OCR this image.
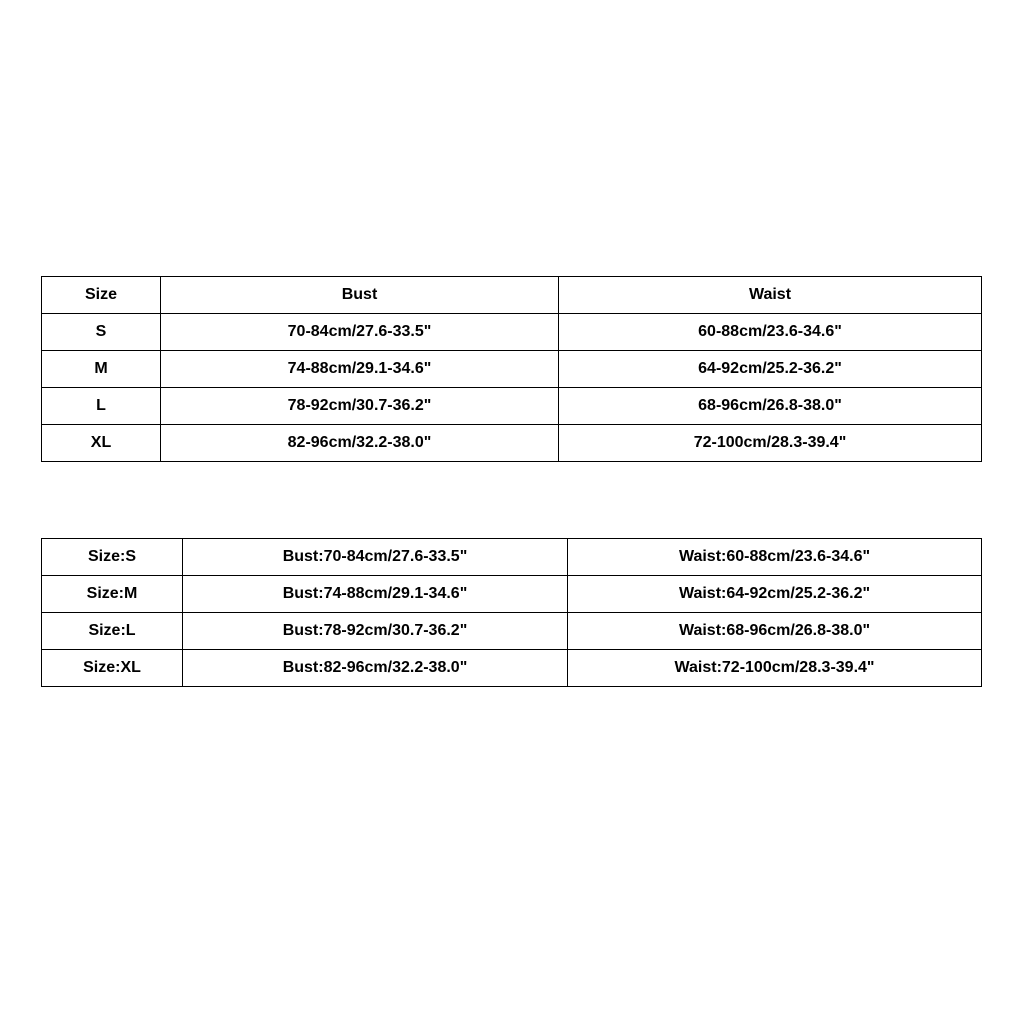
Size	Bust	Waist
S	70-84cm/27.6-33.5"	60-88cm/23.6-34.6"
M	74-88cm/29.1-34.6"	64-92cm/25.2-36.2"
L	78-92cm/30.7-36.2"	68-96cm/26.8-38.0"
XL	82-96cm/32.2-38.0"	72-100cm/28.3-39.4"
Size:S	Bust:70-84cm/27.6-33.5"	Waist:60-88cm/23.6-34.6"
Size:M	Bust:74-88cm/29.1-34.6"	Waist:64-92cm/25.2-36.2"
Size:L	Bust:78-92cm/30.7-36.2"	Waist:68-96cm/26.8-38.0"
Size:XL	Bust:82-96cm/32.2-38.0"	Waist:72-100cm/28.3-39.4"
